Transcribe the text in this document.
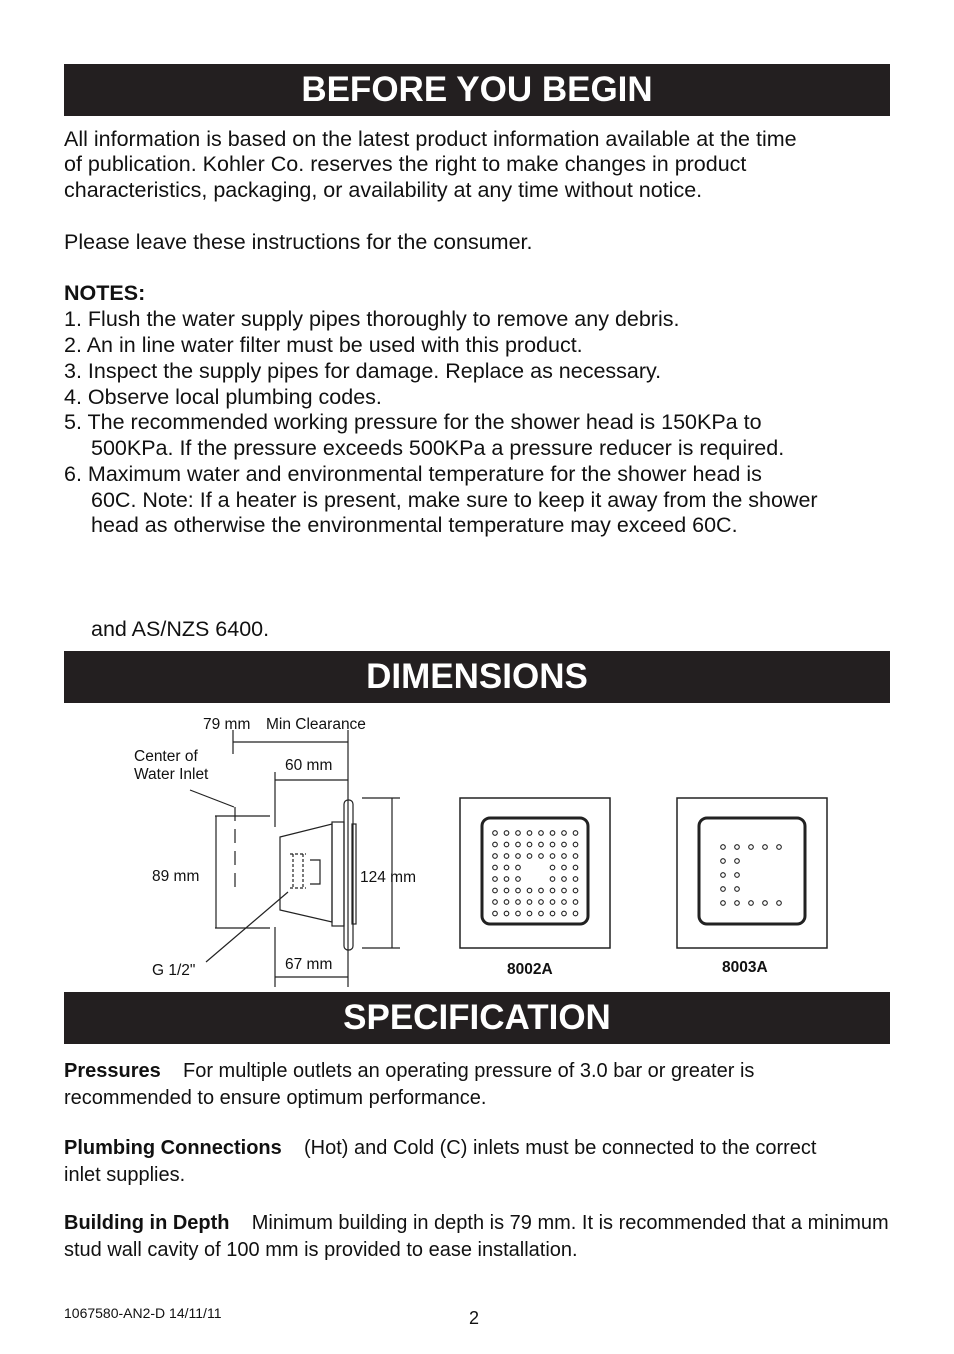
BEFORE YOU BEGIN
All information is based on the latest product information available at the time
of publication. Kohler Co. reserves the right to make changes in product
characteristics, packaging, or availability at any time without notice.
Please leave these instructions for the consumer.
NOTES:
1. Flush the water supply pipes thoroughly to remove any debris.
2. An in line water filter must be used with this product.
3. Inspect the supply pipes for damage. Replace as necessary.
4. Observe local plumbing codes.
5. The recommended working pressure for the shower head is 150KPa to
500KPa. If the pressure exceeds 500KPa a pressure reducer is required.
6. Maximum water and environmental temperature for the shower head is
60C. Note: If a heater is present, make sure to keep it away from the shower
head as otherwise the environmental temperature may exceed 60C.
and AS/NZS 6400.
DIMENSIONS
79 mm Min Clearance
Center of
Water Inlet
60 mm
89 mm	124 mm
67 mm
G 1/2"	8002A	8003A
SPECIFICATION
Pressures For multiple outlets an operating pressure of 3.0 bar or greater is recommended to ensure optimum performance.
Plumbing Connections (Hot) and Cold (C) inlets must be connected to the correct inlet supplies.
Building in Depth Minimum building in depth is 79 mm. It is recommended that a minimum stud wall cavity of 100 mm is provided to ease installation.
1067580-AN2-D 14/11/11	2
